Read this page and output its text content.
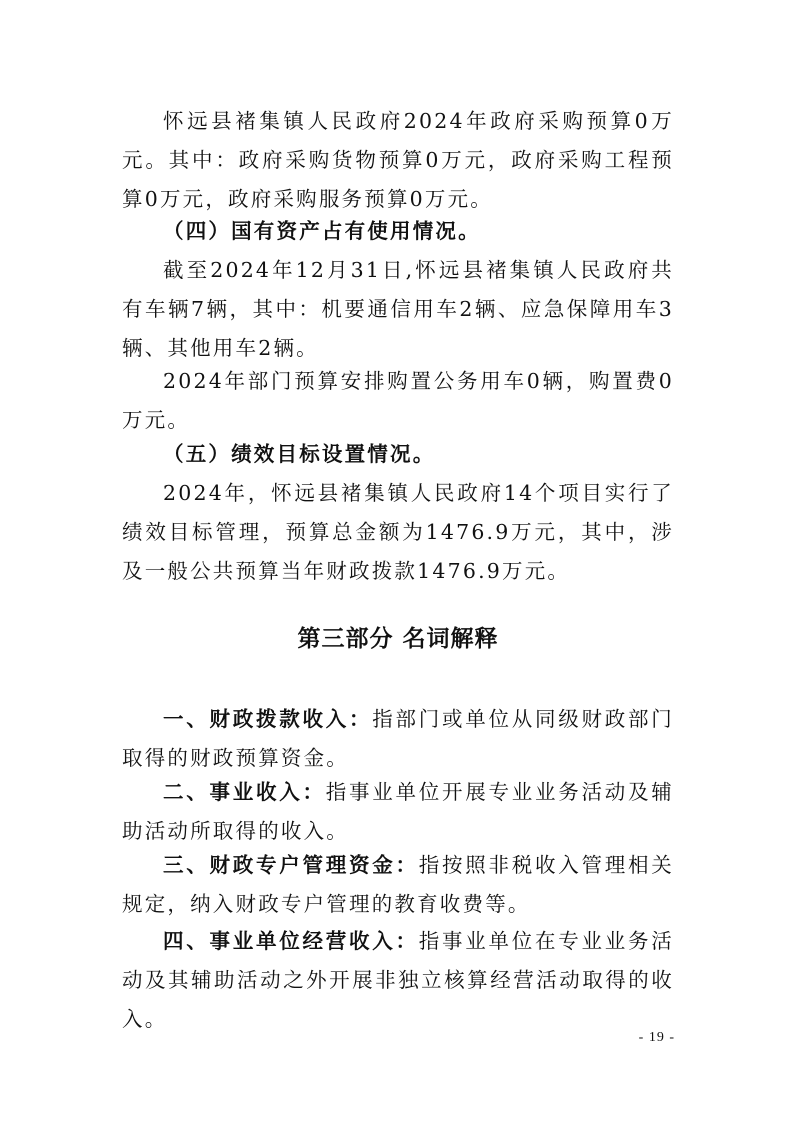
怀远县褚集镇人民政府2024年政府采购预算0万元。其中：政府采购货物预算0万元，政府采购工程预算0万元，政府采购服务预算0万元。

（四）国有资产占有使用情况。

截至2024年12月31日,怀远县褚集镇人民政府共有车辆7辆，其中：机要通信用车2辆、应急保障用车3辆、其他用车2辆。

2024年部门预算安排购置公务用车0辆，购置费0万元。

（五）绩效目标设置情况。

2024年，怀远县褚集镇人民政府14个项目实行了绩效目标管理，预算总金额为1476.9万元，其中，涉及一般公共预算当年财政拨款1476.9万元。

第三部分 名词解释

一、财政拨款收入：指部门或单位从同级财政部门取得的财政预算资金。

二、事业收入：指事业单位开展专业业务活动及辅助活动所取得的收入。

三、财政专户管理资金：指按照非税收入管理相关规定，纳入财政专户管理的教育收费等。

四、事业单位经营收入：指事业单位在专业业务活动及其辅助活动之外开展非独立核算经营活动取得的收入。

- 19 -
